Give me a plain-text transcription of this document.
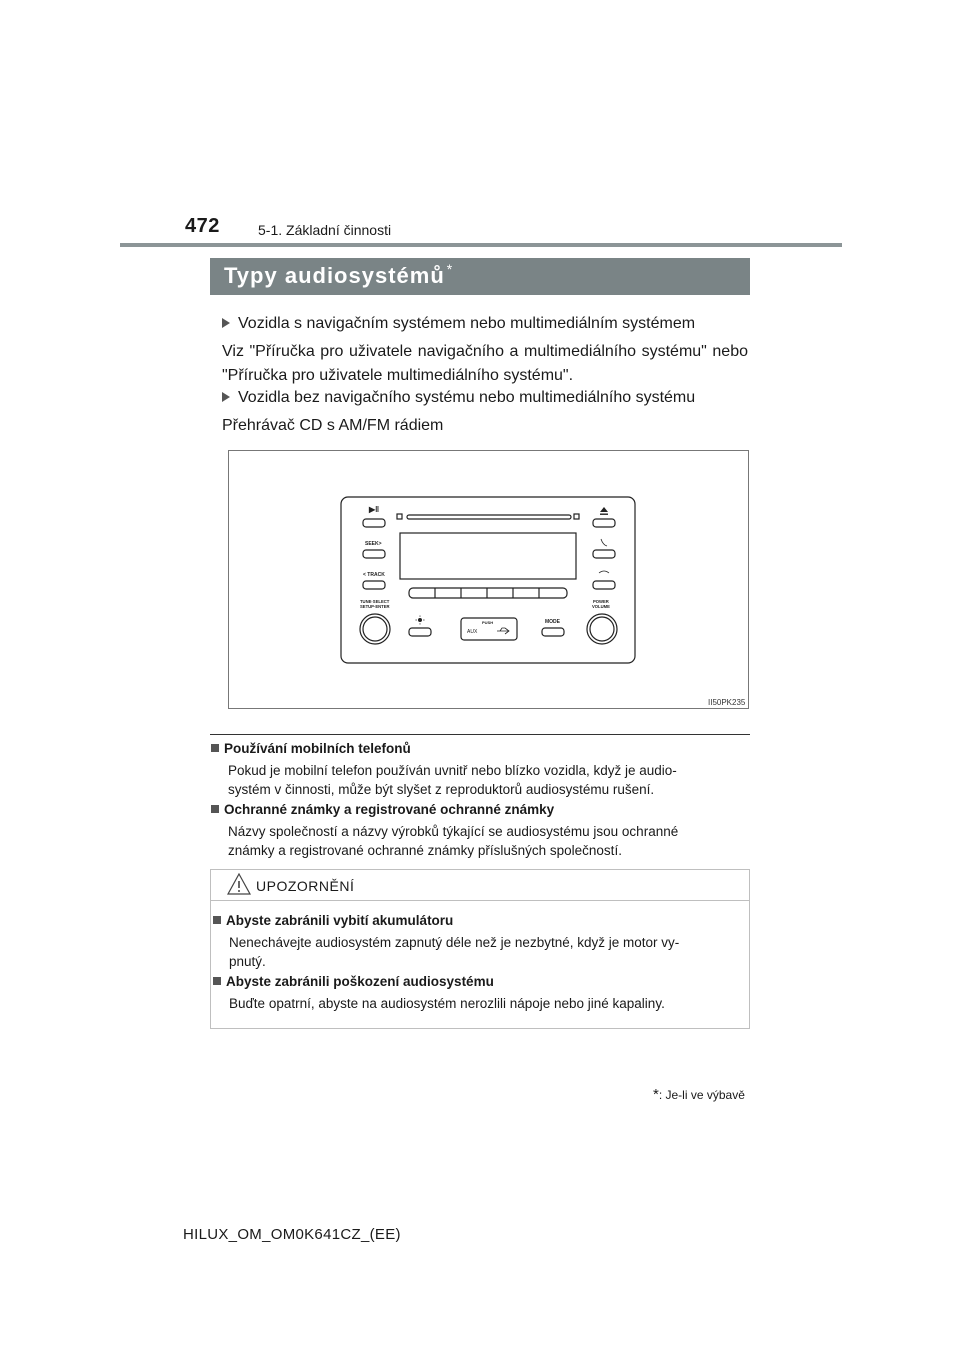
472	5-1. Základní činnosti
Typy audiosystémů *
Vozidla s navigačním systémem nebo multimediálním systémem
Viz "Příručka pro uživatele navigačního a multimediálního systému" nebo "Příručka pro uživatele multimediálního systému".
Vozidla bez navigačního systému nebo multimediálního systému
Přehrávač CD s AM/FM rádiem
▶‖
SEEK>
< TRACK
TUNE·SELECT
SETUP·ENTER
POWER
VOLUME
PUSH
AUX
MODE
II50PK235
Používání mobilních telefonů
Pokud je mobilní telefon používán uvnitř nebo blízko vozidla, když je audio-
systém v činnosti, může být slyšet z reproduktorů audiosystému rušení.
Ochranné známky a registrované ochranné známky
Názvy společností a názvy výrobků týkající se audiosystému jsou ochranné
známky a registrované ochranné známky příslušných společností.
UPOZORNĚNÍ
Abyste zabránili vybití akumulátoru
Nenechávejte audiosystém zapnutý déle než je nezbytné, když je motor vy-
pnutý.
Abyste zabránili poškození audiosystému
Buďte opatrní, abyste na audiosystém nerozlili nápoje nebo jiné kapaliny.
*: Je-li ve výbavě
HILUX_OM_OM0K641CZ_(EE)
